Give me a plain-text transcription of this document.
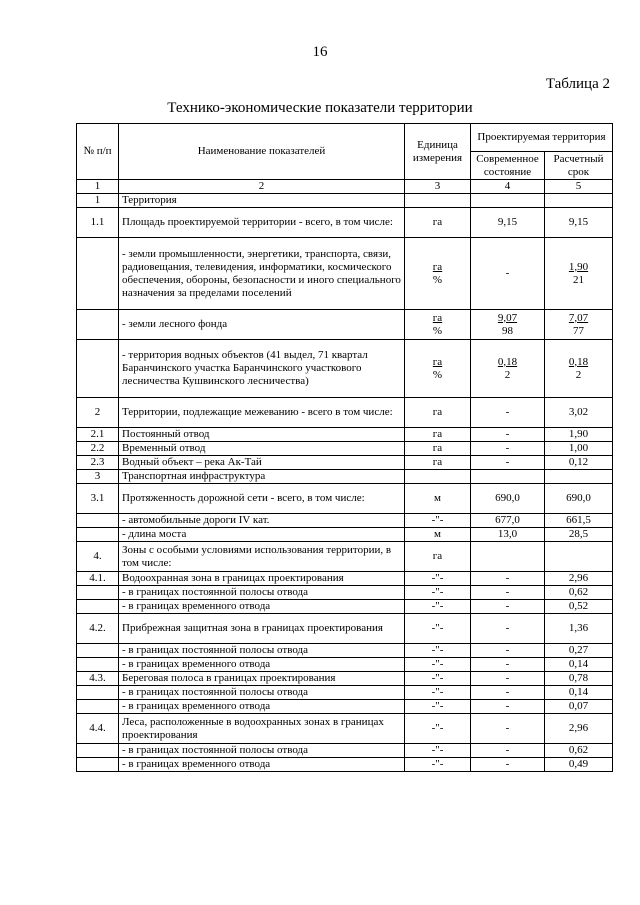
16
Таблица 2
Технико-экономические показатели территории
№ п/п	Наименование показателей	Единица измерения	Проектируемая территория	
			Современное состояние	Расчетный срок
1	2	3	4	5
1	Территория			
1.1	Площадь проектируемой территории - всего, в том числе:	га	9,15	9,15
	- земли промышленности, энергетики, транспорта, связи, радиовещания, телевидения, информатики, космического обеспечения, обороны, безопасности и иного специального назначения за пределами поселений	$\frac{га}{\%}$	-	$\frac{1,90}{21}$

	- земли лесного фонда	$\frac{га}{\%}$	$\frac{9,07}{98}$	$\frac{7,07}{77}$

	- территория водных объектов (41 выдел, 71 квартал Баранчинского участка Баранчинского участкового лесничества Кушвинского лесничества)	$\frac{га}{\%}$	$\frac{0,18}{2}$	$\frac{0,18}{2}$

2	Территории, подлежащие межеванию - всего в том числе:	га	-	3,02
2.1	Постоянный отвод	га	-	1,90
2.2	Временный отвод	га	-	1,00
2.3	Водный объект – река Ак-Тай	га	-	0,12
3	Транспортная инфраструктура			
3.1	Протяженность дорожной сети - всего, в том числе:	м	690,0	690,0
	- автомобильные дороги IV кат.	-"-	677,0	661,5
	- длина моста	м	13,0	28,5
4.	Зоны с особыми условиями использования территории, в том числе:	га		
4.1.	Водоохранная зона в границах проектирования	-"-	-	2,96
	- в границах постоянной полосы отвода	-"-	-	0,62
	- в границах временного отвода	-"-	-	0,52
4.2.	Прибрежная защитная зона в границах проектирования	-"-	-	1,36
	- в границах постоянной полосы отвода	-"-	-	0,27
	- в границах временного отвода	-"-	-	0,14
4.3.	Береговая полоса в границах проектирования	-"-	-	0,78
	- в границах постоянной полосы отвода	-"-	-	0,14
	- в границах временного отвода	-"-	-	0,07
4.4.	Леса, расположенные в водоохранных зонах в границах проектирования	-"-	-	2,96
	- в границах постоянной полосы отвода	-"-	-	0,62
	- в границах временного отвода	-"-	-	0,49
